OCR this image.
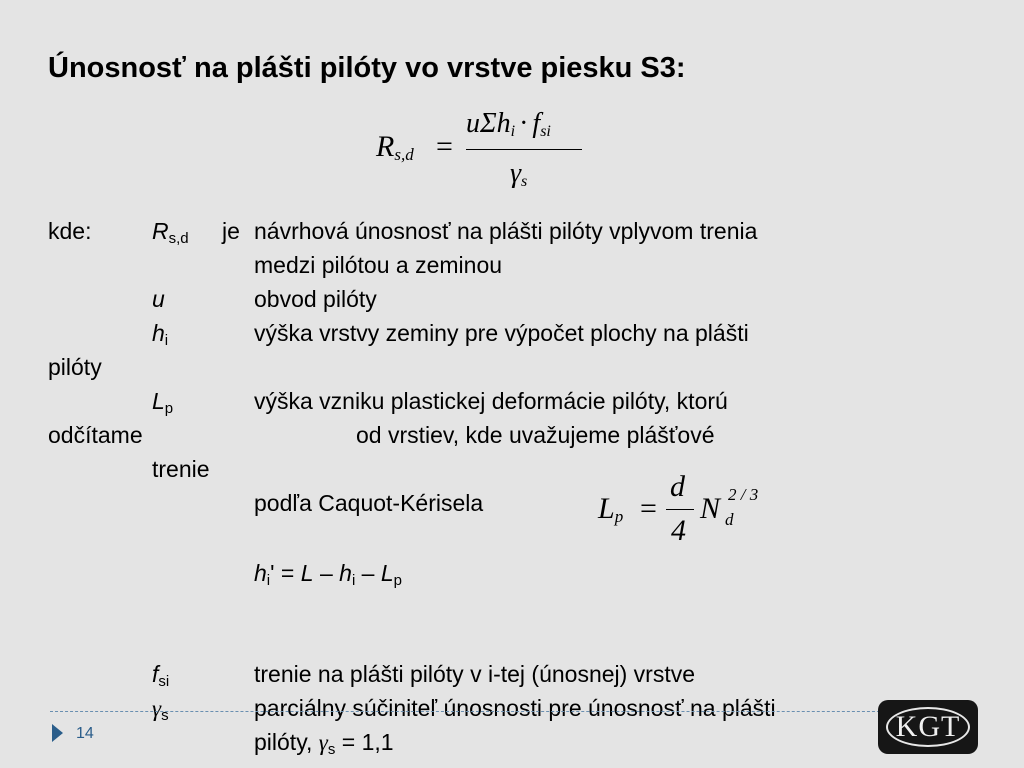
Únosnosť na plášti pilóty vo vrstve piesku S3:
$R_{s,d}$ =
$u\Sigma h_i \cdot f_{si}$
$\gamma_s$
kde:	$R_{s,d}$ je návrhová únosnosť na plášti pilóty vplyvom trenia
medzi pilótou a zeminou
u	obvod pilóty
$h_i$	výška vrstvy zeminy pre výpočet plochy na plášti
pilóty
$L_p$	výška vzniku plastickej deformácie pilóty, ktorú
odčítame	od vrstiev, kde uvažujeme plášťové
trenie
podľa Caquot-Kérisela	$L_p$ =
d
4
N d
2 / 3
$h_i' = L - h_i - L_p$
$f_{si}$	trenie na plášti pilóty v i-tej (únosnej) vrstve
$\gamma_s$	parciálny súčiniteľ únosnosti pre únosnosť na plášti
pilóty, $\gamma_s = 1,1$
14	KGT
